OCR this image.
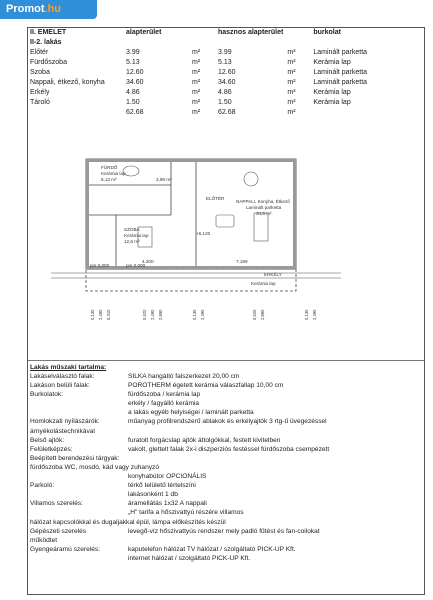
Promot.hu
II. EMELET	alapterület		hasznos alapterület		burkolat
II-2. lakás					
Előtér	3.99	m²	3.99	m²	Laminált parketta
Fürdőszoba	5.13	m²	5.13	m²	Kerámia lap
Szoba	12.60	m²	12.60	m²	Laminált parketta
Nappali, étkező, konyha	34.60	m²	34.60	m²	Laminált parketta
Erkély	4.86	m²	4.86	m²	Kerámia lap
Tároló	1.50	m²	1.50	m²	Kerámia lap
	62.68	m²	62.68	m²	
FÜRDŐ
Kerámia lap
5,13 m²	3,99 m²
ELŐTÉR
NAPPALI, Konyha, Étkező
Laminált parketta
34,6 m²
SZOBA
Kerámia lap
12,6 m²
Kerámia lap
ERKÉLY
4.200	7.199
pm 0,000	pm 0,000
+6,120
0,130 2,490 0,310	0,520 2,490 2,890	0,130 2,490	0,520 2,890	0,130 2,490
Lakás műszaki tartalma:
Lakáselválasztó falak:	SILKA hangátló falszerkezet 20,00 cm
Lakáson belüli falak:	POROTHERM égetett kerámia válaszfallap 10,00 cm
Burkolatok:	fürdőszoba / kerámia lap
erkély / fagyálló kerámia
a lakás egyéb helyiségei / laminált parketta
Homlokzati nyílászárók:	műanyag profilrendszerű ablakok és erkélyajtók 3 rtg-ű üvegezéssel
árnyékolástechnikával
Belső ajtók:	furatolt forgácslap ajtók áttolgókkal, festett kivitelben
Felületképzés:	vakolt, glettelt falak 2x-i diszperziós festéssel fürdőszoba csempézett
Beépített berendezési tárgyak:
fürdőszoba WC, mosdó, kád vagy zuhanyzó
konyhabútor OPCIONÁLIS
Parkoló:	térkő telületű tértelszíni
lakásonként 1 db
Villamos szerelés:	áramellátás 1x32 A nappali
„H" tarifa a hőszivattyú részére villamos
hálózat kapcsolókkal és dugaljakkal épül, lámpa előkészítés készül
Gépészeti szerelés	levegő-víz hőszivattyús rendszer mely padló fűtést és fan-coilokat
működtet
Gyengeáramú szerelés:	kaputelefon hálózat TV hálózat / szolgáltató PICK-UP Kft.
internet hálózat / szolgáltató PICK-UP Kft.
